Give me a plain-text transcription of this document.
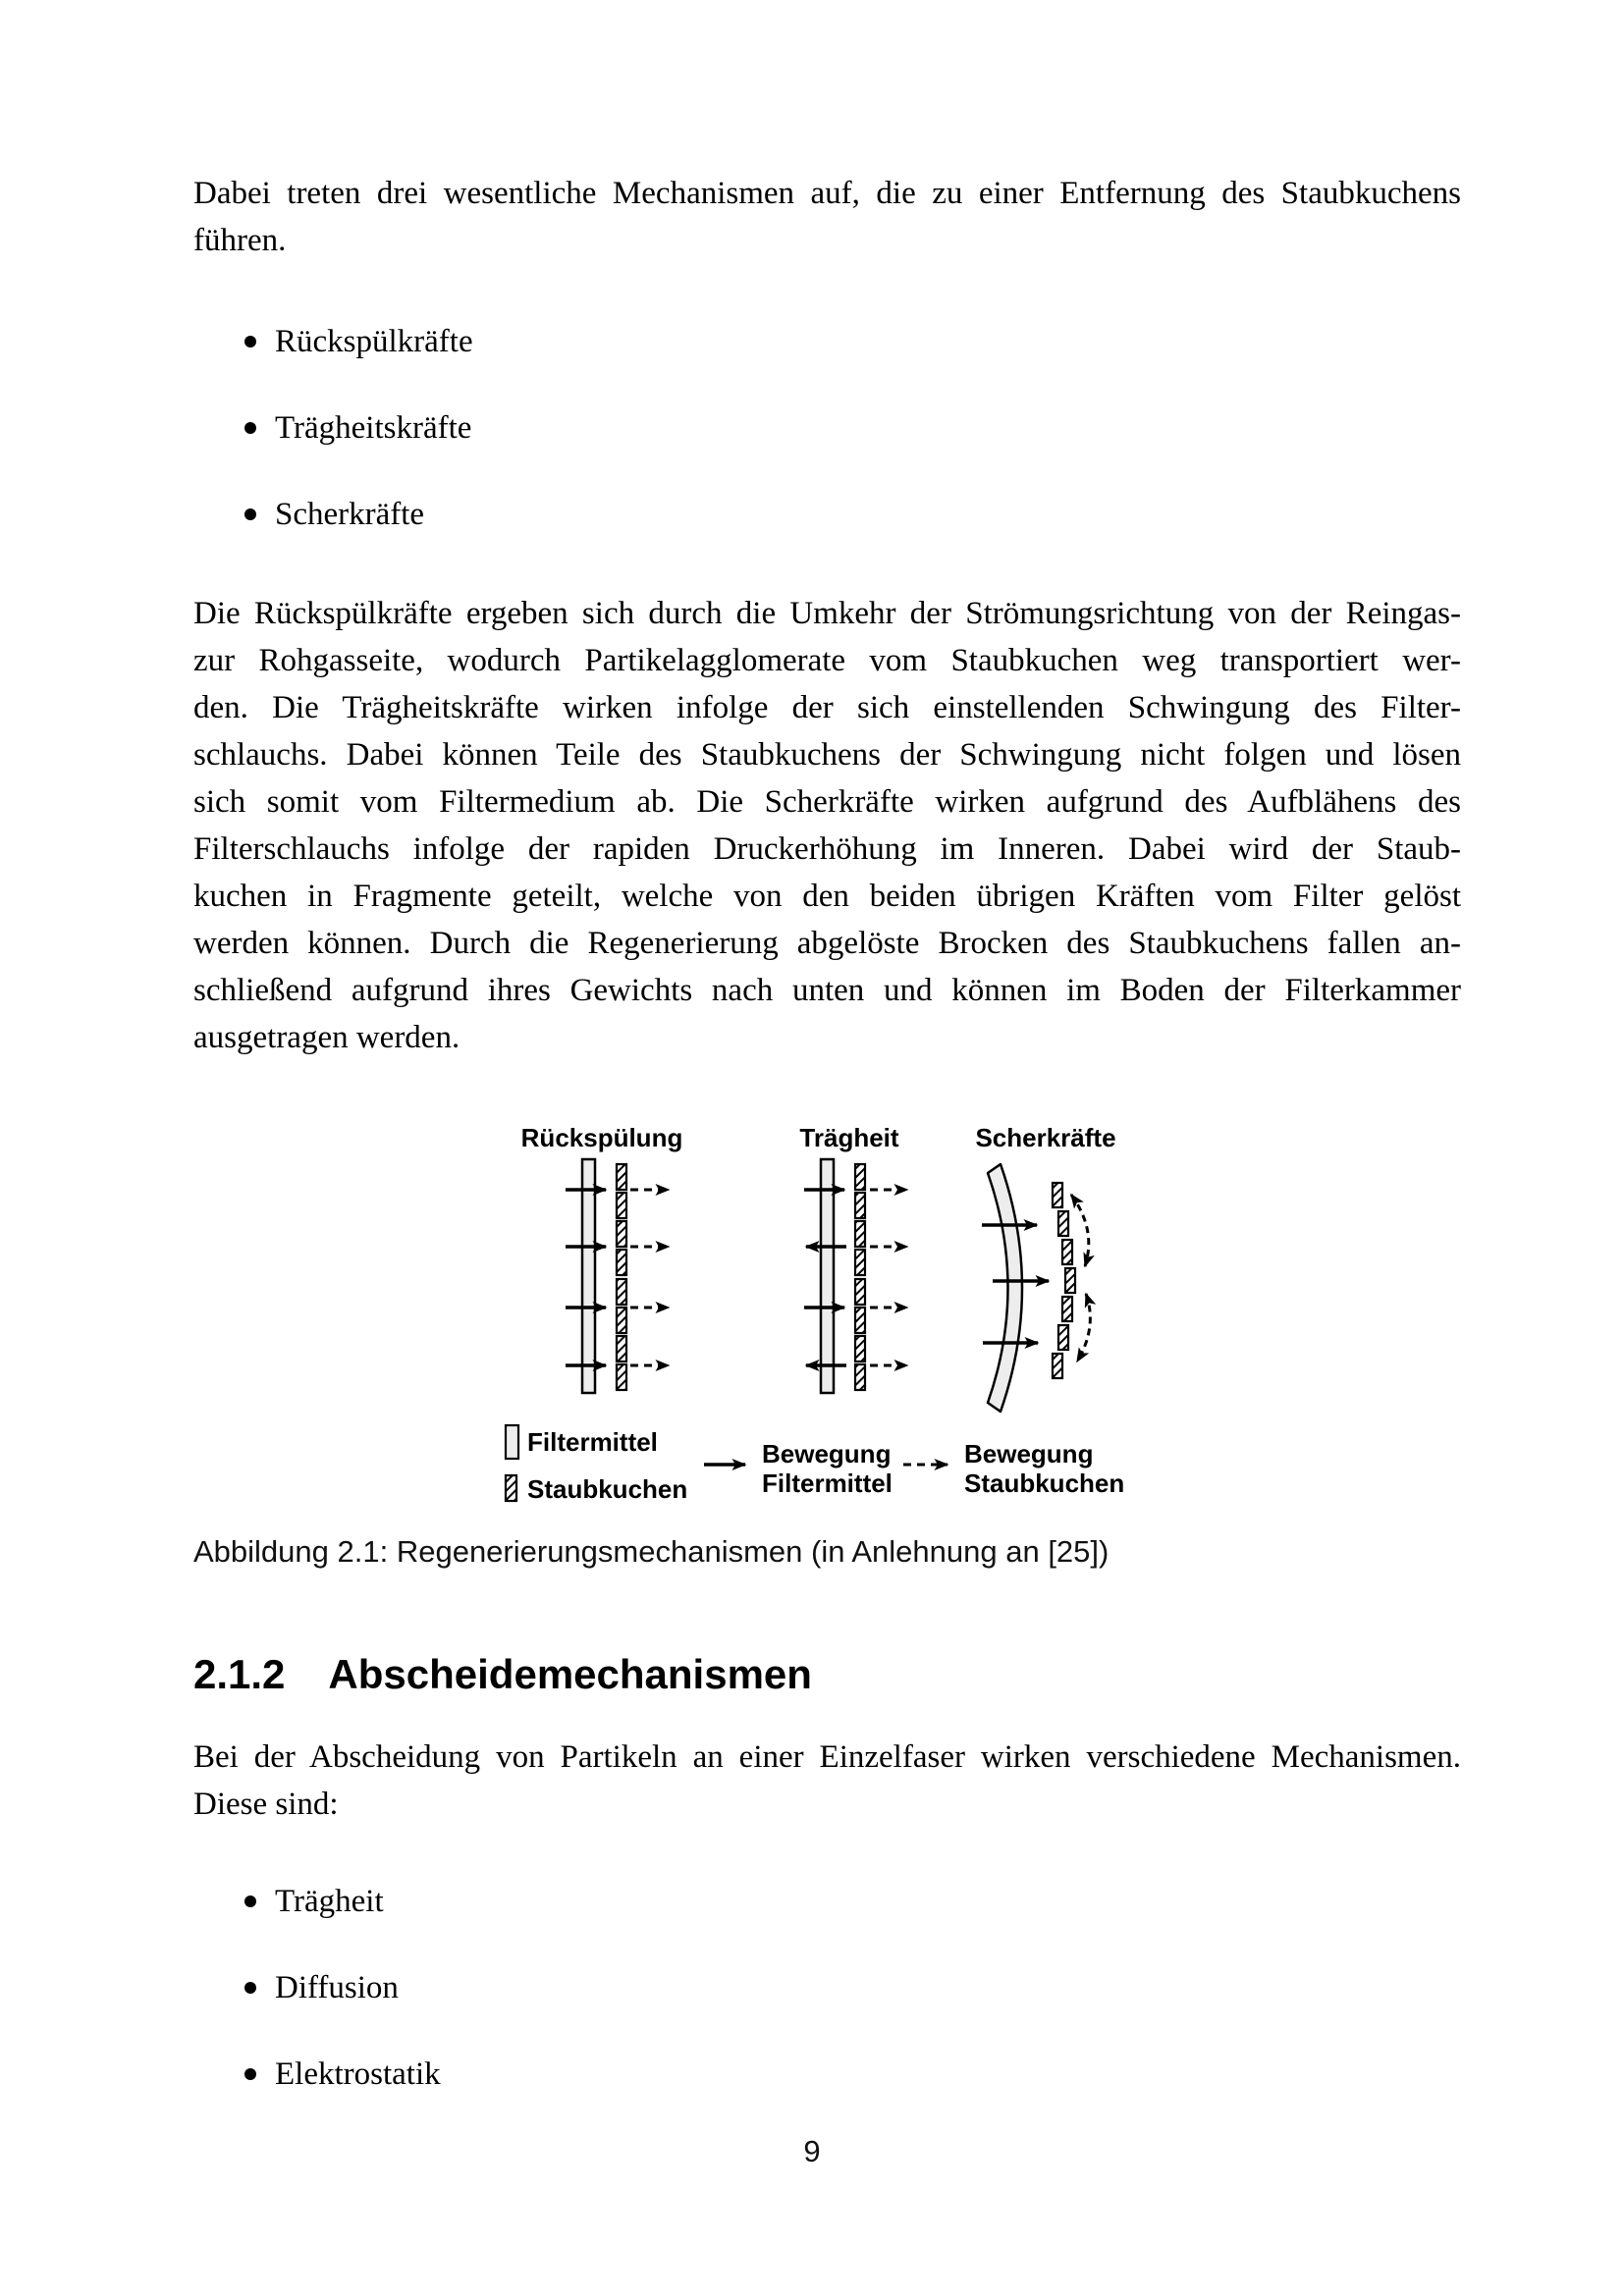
Dabei treten drei wesentliche Mechanismen auf, die zu einer Entfernung des Staubkuchens
führen.
Rückspülkräfte
Trägheitskräfte
Scherkräfte
Die Rückspülkräfte ergeben sich durch die Umkehr der Strömungsrichtung von der Reingas-
zur Rohgasseite, wodurch Partikelagglomerate vom Staubkuchen weg transportiert wer-
den. Die Trägheitskräfte wirken infolge der sich einstellenden Schwingung des Filter-
schlauchs. Dabei können Teile des Staubkuchens der Schwingung nicht folgen und lösen
sich somit vom Filtermedium ab. Die Scherkräfte wirken aufgrund des Aufblähens des
Filterschlauchs infolge der rapiden Druckerhöhung im Inneren. Dabei wird der Staub-
kuchen in Fragmente geteilt, welche von den beiden übrigen Kräften vom Filter gelöst
werden können. Durch die Regenerierung abgelöste Brocken des Staubkuchens fallen an-
schließend aufgrund ihres Gewichts nach unten und können im Boden der Filterkammer
ausgetragen werden.
Rückspülung	Trägheit	Scherkräfte
Filtermittel
Staubkuchen
Bewegung
Filtermittel
Bewegung
Staubkuchen
Abbildung 2.1: Regenerierungsmechanismen (in Anlehnung an [25])
2.1.2 Abscheidemechanismen
Bei der Abscheidung von Partikeln an einer Einzelfaser wirken verschiedene Mechanismen.
Diese sind:
Trägheit
Diffusion
Elektrostatik
9
